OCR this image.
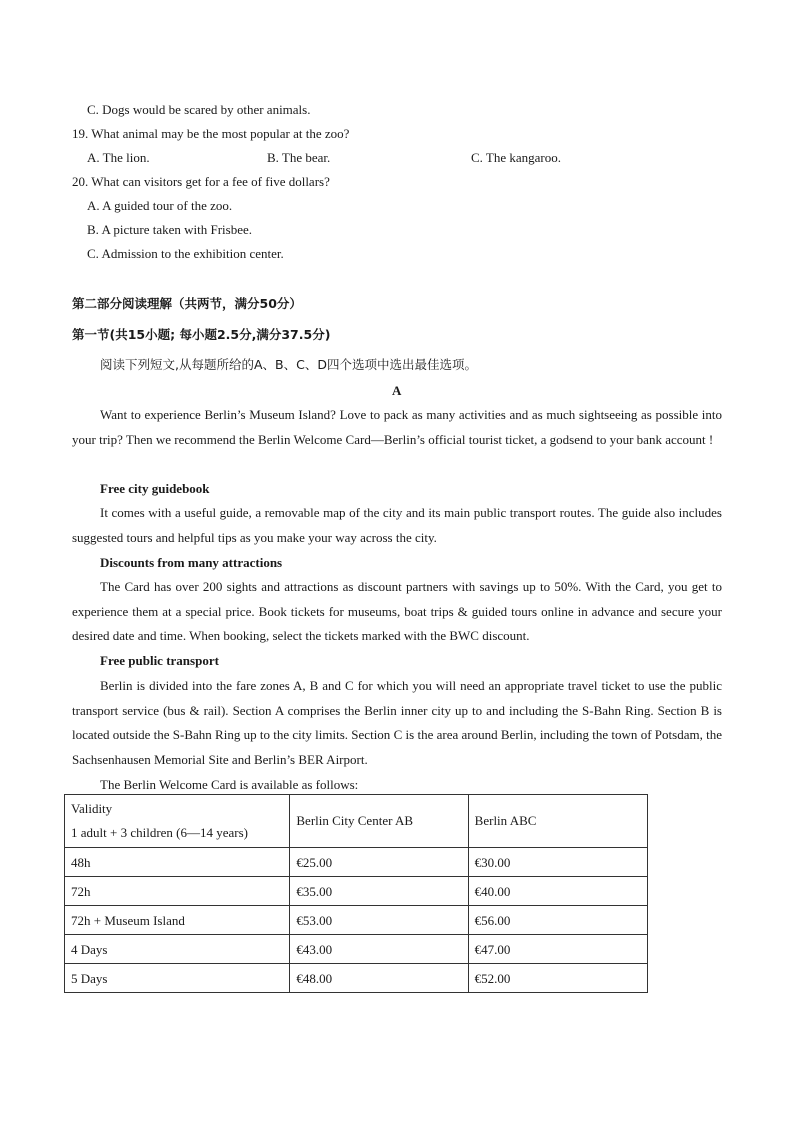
C. Dogs would be scared by other animals.
19. What animal may be the most popular at the zoo?
A. The lion.	B. The bear.	C. The kangaroo.
20. What can visitors get for a fee of five dollars?
A. A guided tour of the zoo.
B. A picture taken with Frisbee.
C. Admission to the exhibition center.
第二部分阅读理解（共两节，满分50分）
第一节(共15小题; 每小题2.5分,满分37.5分)
阅读下列短文,从每题所给的A、B、C、D四个选项中选出最佳选项。
A
Want to experience Berlin’s Museum Island? Love to pack as many activities and as much sightseeing as possible into your trip? Then we recommend the Berlin Welcome Card—Berlin’s official tourist ticket, a godsend to your bank account !
Free city guidebook
It comes with a useful guide, a removable map of the city and its main public transport routes. The guide also includes suggested tours and helpful tips as you make your way across the city.
Discounts from many attractions
The Card has over 200 sights and attractions as discount partners with savings up to 50%. With the Card, you get to experience them at a special price. Book tickets for museums, boat trips & guided tours online in advance and secure your desired date and time. When booking, select the tickets marked with the BWC discount.
Free public transport
Berlin is divided into the fare zones A, B and C for which you will need an appropriate travel ticket to use the public transport service (bus & rail). Section A comprises the Berlin inner city up to and including the S-Bahn Ring. Section B is located outside the S-Bahn Ring up to the city limits. Section C is the area around Berlin, including the town of Potsdam, the Sachsenhausen Memorial Site and Berlin’s BER Airport.
The Berlin Welcome Card is available as follows:
Validity
1 adult + 3 children (6—14 years)	Berlin City Center AB	Berlin ABC
48h	€25.00	€30.00
72h	€35.00	€40.00
72h + Museum Island	€53.00	€56.00
4 Days	€43.00	€47.00
5 Days	€48.00	€52.00
